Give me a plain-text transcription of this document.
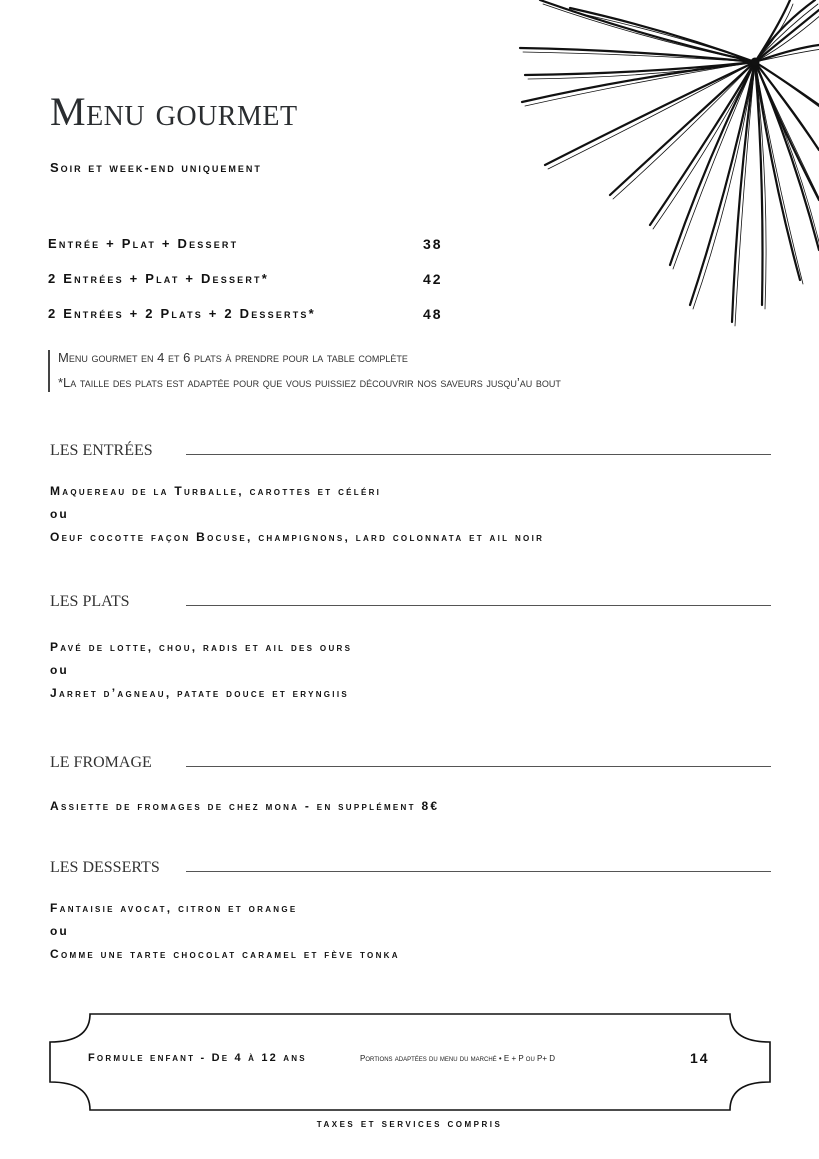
Menu gourmet

Soir et week-end uniquement

Entrée + Plat + Dessert	38
2 Entrées + Plat + Dessert*	42
2 Entrées + 2 Plats + 2 Desserts*	48
Menu gourmet en 4 et 6 plats à prendre pour la table complète
*La taille des plats est adaptée pour que vous puissiez découvrir nos saveurs jusqu’au bout
LES ENTRÉES
Maquereau de la Turballe, carottes et céléri
ou
Oeuf cocotte façon Bocuse, champignons, lard colonnata et ail noir
LES PLATS
Pavé de lotte, chou, radis et ail des ours
ou
Jarret d’agneau, patate douce et eryngiis
LE FROMAGE
Assiette de fromages de chez mona - en supplément 8€
LES DESSERTS
Fantaisie avocat, citron et orange
ou
Comme une tarte chocolat caramel et fève tonka
Formule enfant - De 4 à 12 ans	Portions adaptées du menu du marché • E + P ou P+ D	14
taxes et services compris
